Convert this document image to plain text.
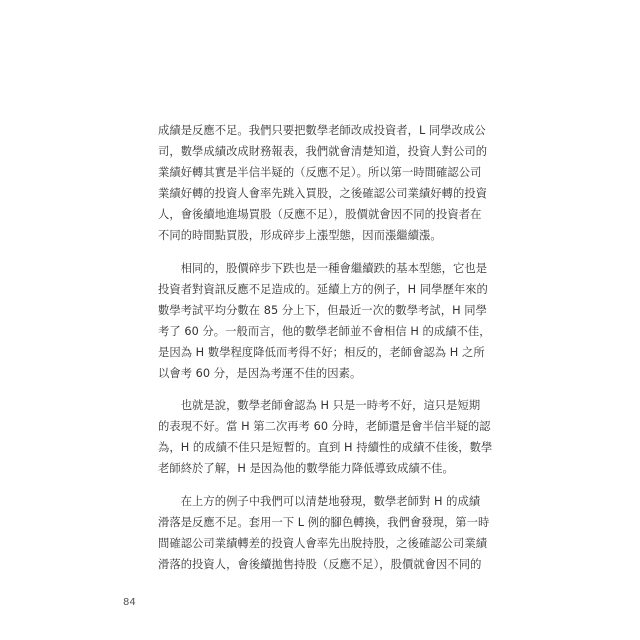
成績是反應不足。我們只要把數學老師改成投資者，L 同學改成公
司，數學成績改成財務報表，我們就會清楚知道，投資人對公司的
業績好轉其實是半信半疑的（反應不足）。所以第一時間確認公司
業績好轉的投資人會率先跳入買股，之後確認公司業績好轉的投資
人，會後續地進場買股（反應不足），股價就會因不同的投資者在
不同的時間點買股，形成碎步上漲型態，因而漲繼續漲。
　　相同的，股價碎步下跌也是一種會繼續跌的基本型態，它也是
投資者對資訊反應不足造成的。延續上方的例子，H 同學歷年來的
數學考試平均分數在 85 分上下，但最近一次的數學考試，H 同學
考了 60 分。一般而言，他的數學老師並不會相信 H 的成績不佳，
是因為 H 數學程度降低而考得不好；相反的，老師會認為 H 之所
以會考 60 分，是因為考運不佳的因素。
　　也就是說，數學老師會認為 H 只是一時考不好，這只是短期
的表現不好。當 H 第二次再考 60 分時，老師還是會半信半疑的認
為，H 的成績不佳只是短暫的。直到 H 持續性的成績不佳後，數學
老師終於了解，H 是因為他的數學能力降低導致成績不佳。
　　在上方的例子中我們可以清楚地發現，數學老師對 H 的成績
滑落是反應不足。套用一下 L 例的腳色轉換，我們會發現，第一時
間確認公司業績轉差的投資人會率先出脫持股，之後確認公司業績
滑落的投資人，會後續拋售持股（反應不足），股價就會因不同的
84
